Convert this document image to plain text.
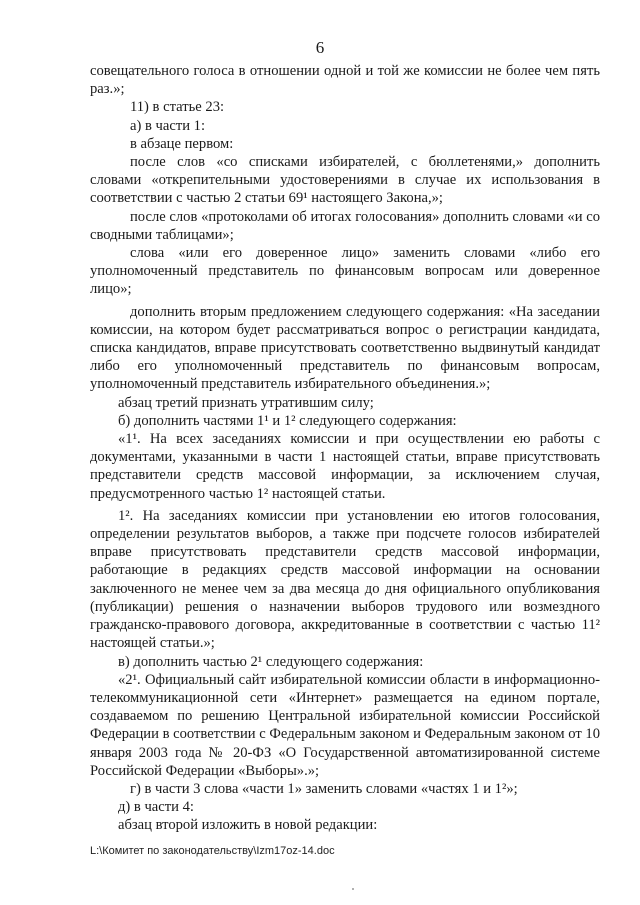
6

совещательного голоса в отношении одной и той же комиссии не более чем пять раз.»;

11) в статье 23:

а) в части 1:

в абзаце первом:

после слов «со списками избирателей, с бюллетенями,» дополнить словами «открепительными удостоверениями в случае их использования в соответствии с частью 2 статьи 69¹ настоящего Закона,»;

после слов «протоколами об итогах голосования» дополнить словами «и со сводными таблицами»;

слова «или его доверенное лицо» заменить словами «либо его уполномоченный представитель по финансовым вопросам или доверенное лицо»;

дополнить вторым предложением следующего содержания: «На заседании комиссии, на котором будет рассматриваться вопрос о регистрации кандидата, списка кандидатов, вправе присутствовать соответственно выдвинутый кандидат либо его уполномоченный представитель по финансовым вопросам, уполномоченный представитель избирательного объединения.»;

абзац третий признать утратившим силу;

б) дополнить частями 1¹ и 1² следующего содержания:

«1¹. На всех заседаниях комиссии и при осуществлении ею работы с документами, указанными в части 1 настоящей статьи, вправе присутствовать представители средств массовой информации, за исключением случая, предусмотренного частью 1² настоящей статьи.

1². На заседаниях комиссии при установлении ею итогов голосования, определении результатов выборов, а также при подсчете голосов избирателей вправе присутствовать представители средств массовой информации, работающие в редакциях средств массовой информации на основании заключенного не менее чем за два месяца до дня официального опубликования (публикации) решения о назначении выборов трудового или возмездного гражданско-правового договора, аккредитованные в соответствии с частью 11² настоящей статьи.»;

в) дополнить частью 2¹ следующего содержания:

«2¹. Официальный сайт избирательной комиссии области в информационно-телекоммуникационной сети «Интернет» размещается на едином портале, создаваемом по решению Центральной избирательной комиссии Российской Федерации в соответствии с Федеральным законом и Федеральным законом от 10 января 2003 года № 20-ФЗ «О Государственной автоматизированной системе Российской Федерации «Выборы».»;

г) в части 3 слова «части 1» заменить словами «частях 1 и 1²»;

д) в части 4:

абзац второй изложить в новой редакции:

L:\Комитет по законодательству\Izm17oz-14.doc
